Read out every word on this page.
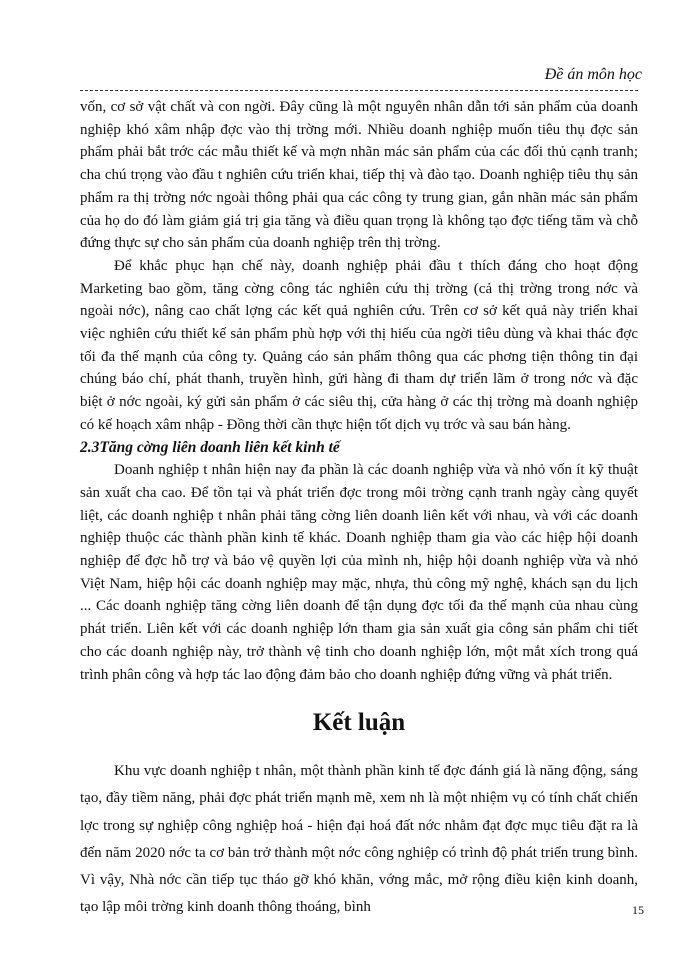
Đề án môn học

vốn, cơ sở vật chất và con ngời. Đây cũng là một nguyên nhân dẫn tới sản phẩm của doanh nghiệp khó xâm nhập đợc vào thị trờng mới. Nhiều doanh nghiệp muốn tiêu thụ đợc sản phẩm phải bắt trớc các mẫu thiết kế và mợn nhãn mác sản phẩm của các đối thủ cạnh tranh; cha chú trọng vào đầu t nghiên cứu triển khai, tiếp thị và đào tạo. Doanh nghiệp tiêu thụ sản phẩm ra thị trờng nớc ngoài thông phải qua các công ty trung gian, gắn nhãn mác sản phẩm của họ do đó làm giảm giá trị gia tăng và điều quan trọng là không tạo đợc tiếng tăm và chỗ đứng thực sự cho sản phẩm của doanh nghiệp trên thị trờng.

Để khắc phục hạn chế này, doanh nghiệp phải đầu t thích đáng cho hoạt động Marketing bao gồm, tăng cờng công tác nghiên cứu thị trờng (cả thị trờng trong nớc và ngoài nớc), nâng cao chất lợng các kết quả nghiên cứu. Trên cơ sở kết quả này triển khai việc nghiên cứu thiết kế sản phẩm phù hợp với thị hiếu của ngời tiêu dùng và khai thác đợc tối đa thế mạnh của công ty. Quảng cáo sản phẩm thông qua các phơng tiện thông tin đại chúng báo chí, phát thanh, truyền hình, gửi hàng đi tham dự triển lãm ở trong nớc và đặc biệt ở nớc ngoài, ký gửi sản phẩm ở các siêu thị, cửa hàng ở các thị trờng mà doanh nghiệp có kế hoạch xâm nhập - Đồng thời cần thực hiện tốt dịch vụ trớc và sau bán hàng.

2.3Tăng cờng liên doanh liên kết kinh tế

Doanh nghiệp t nhân hiện nay đa phần là các doanh nghiệp vừa và nhỏ vốn ít kỹ thuật sản xuất cha cao. Để tồn tại và phát triển đợc trong môi trờng cạnh tranh ngày càng quyết liệt, các doanh nghiệp t nhân phải tăng cờng liên doanh liên kết với nhau, và với các doanh nghiệp thuộc các thành phần kinh tế khác. Doanh nghiệp tham gia vào các hiệp hội doanh nghiệp để đợc hỗ trợ và bảo vệ quyền lợi của mình nh, hiệp hội doanh nghiệp vừa và nhỏ Việt Nam, hiệp hội các doanh nghiệp may mặc, nhựa, thủ công mỹ nghệ, khách sạn du lịch ... Các doanh nghiệp tăng cờng liên doanh để tận dụng đợc tối đa thế mạnh của nhau cùng phát triển. Liên kết với các doanh nghiệp lớn tham gia sản xuất gia công sản phẩm chi tiết cho các doanh nghiệp này, trở thành vệ tinh cho doanh nghiệp lớn, một mắt xích trong quá trình phân công và hợp tác lao động đảm bảo cho doanh nghiệp đứng vững và phát triển.

Kết luận

Khu vực doanh nghiệp t nhân, một thành phần kinh tế đợc đánh giá là năng động, sáng tạo, đầy tiềm năng, phải đợc phát triển mạnh mẽ, xem nh là một nhiệm vụ có tính chất chiến lợc trong sự nghiệp công nghiệp hoá - hiện đại hoá đất nớc nhằm đạt đợc mục tiêu đặt ra là đến năm 2020 nớc ta cơ bản trở thành một nớc công nghiệp có trình độ phát triển trung bình. Vì vậy, Nhà nớc cần tiếp tục tháo gỡ khó khăn, vớng mắc, mở rộng điều kiện kinh doanh, tạo lập môi trờng kinh doanh thông thoáng, bình	15
